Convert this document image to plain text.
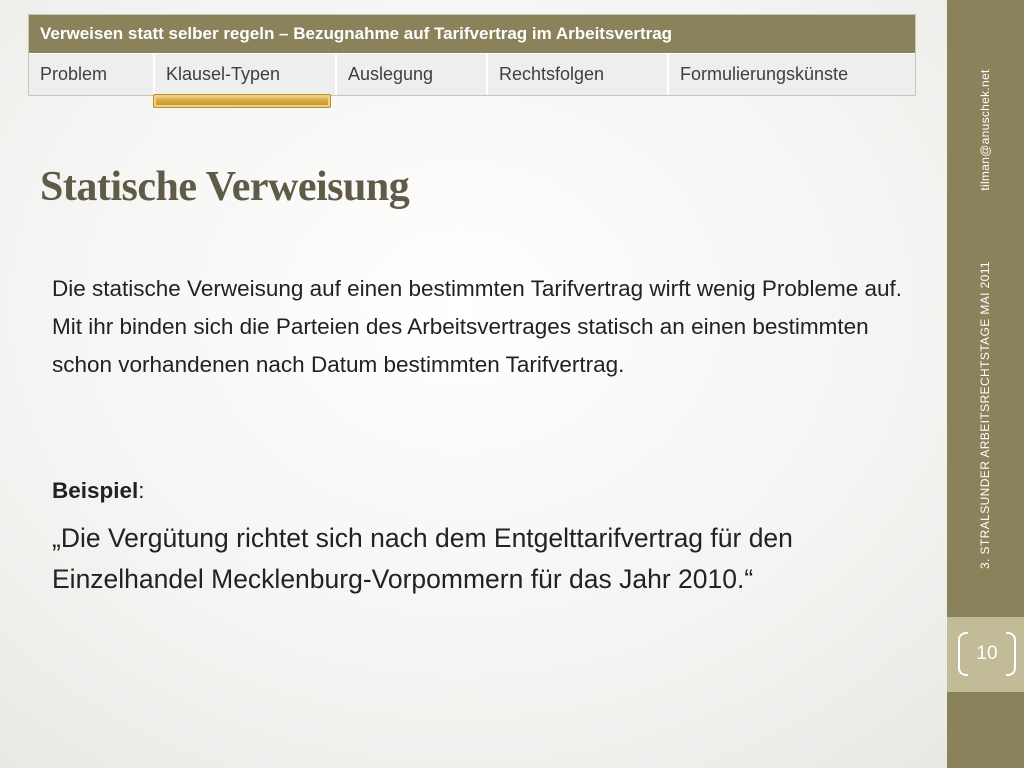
Verweisen statt selber regeln – Bezugnahme auf Tarifvertrag im Arbeitsvertrag
Problem	Klausel-Typen	Auslegung	Rechtsfolgen	Formulierungskünste
Statische Verweisung

Die statische Verweisung auf einen bestimmten Tarifvertrag wirft wenig Probleme auf. Mit ihr binden sich die Parteien des Arbeitsvertrages statisch an einen bestimmten schon vorhandenen nach Datum bestimmten Tarifvertrag.

Beispiel:

„Die Vergütung richtet sich nach dem Entgelttarifvertrag für den Einzelhandel Mecklenburg-Vorpommern für das Jahr 2010.“

tilman@anuschek.net
3. STRALSUNDER ARBEITSRECHTSTAGE MAI 2011
10
